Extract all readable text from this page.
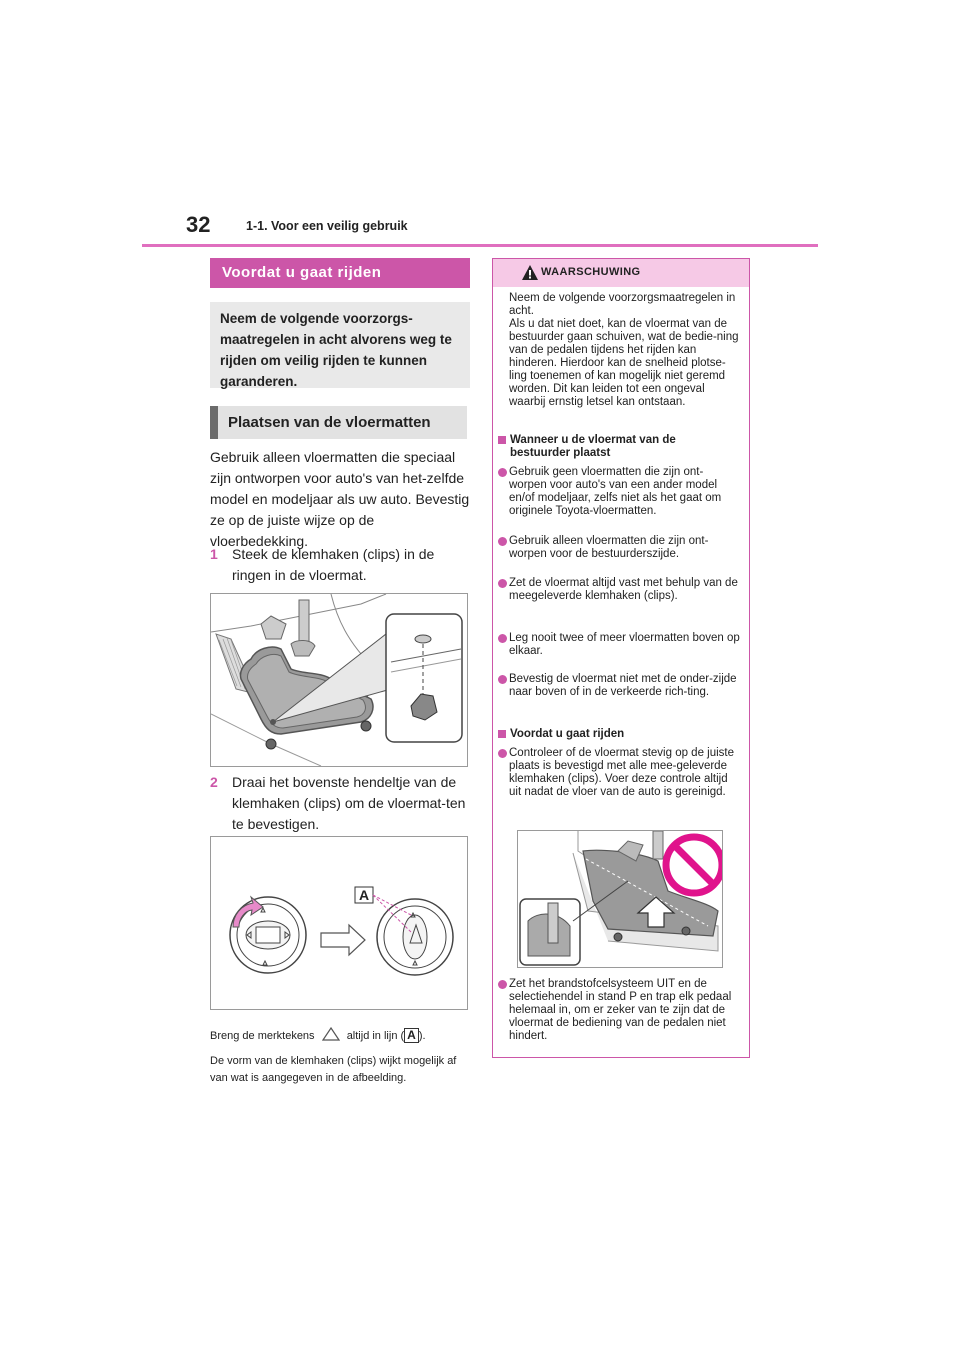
32	1-1. Voor een veilig gebruik
Voordat u gaat rijden
Neem de volgende voorzorgs-maatregelen in acht alvorens weg te rijden om veilig rijden te kunnen garanderen.
Plaatsen van de vloermatten
Gebruik alleen vloermatten die speciaal zijn ontworpen voor auto's van het-zelfde model en modeljaar als uw auto. Bevestig ze op de juiste wijze op de vloerbedekking.
1 Steek de klemhaken (clips) in de ringen in de vloermat.
2 Draai het bovenste hendeltje van de klemhaken (clips) om de vloermat-ten te bevestigen.
A
Breng de merktekens	altijd in lijn ( A ).
De vorm van de klemhaken (clips) wijkt mogelijk af van wat is aangegeven in de afbeelding.
WAARSCHUWING
Neem de volgende voorzorgsmaatregelen in acht.
Als u dat niet doet, kan de vloermat van de bestuurder gaan schuiven, wat de bedie-ning van de pedalen tijdens het rijden kan hinderen. Hierdoor kan de snelheid plotse-ling toenemen of kan mogelijk niet geremd worden. Dit kan leiden tot een ongeval waarbij ernstig letsel kan ontstaan.
Wanneer u de vloermat van de bestuurder plaatst
Gebruik geen vloermatten die zijn ont-worpen voor auto's van een ander model en/of modeljaar, zelfs niet als het gaat om originele Toyota-vloermatten.
Gebruik alleen vloermatten die zijn ont-worpen voor de bestuurderszijde.
Zet de vloermat altijd vast met behulp van de meegeleverde klemhaken (clips).
Leg nooit twee of meer vloermatten boven op elkaar.
Bevestig de vloermat niet met de onder-zijde naar boven of in de verkeerde rich-ting.
Voordat u gaat rijden
Controleer of de vloermat stevig op de juiste plaats is bevestigd met alle mee-geleverde klemhaken (clips). Voer deze controle altijd uit nadat de vloer van de auto is gereinigd.
Zet het brandstofcelsysteem UIT en de selectiehendel in stand P en trap elk pedaal helemaal in, om er zeker van te zijn dat de vloermat de bediening van de pedalen niet hindert.
